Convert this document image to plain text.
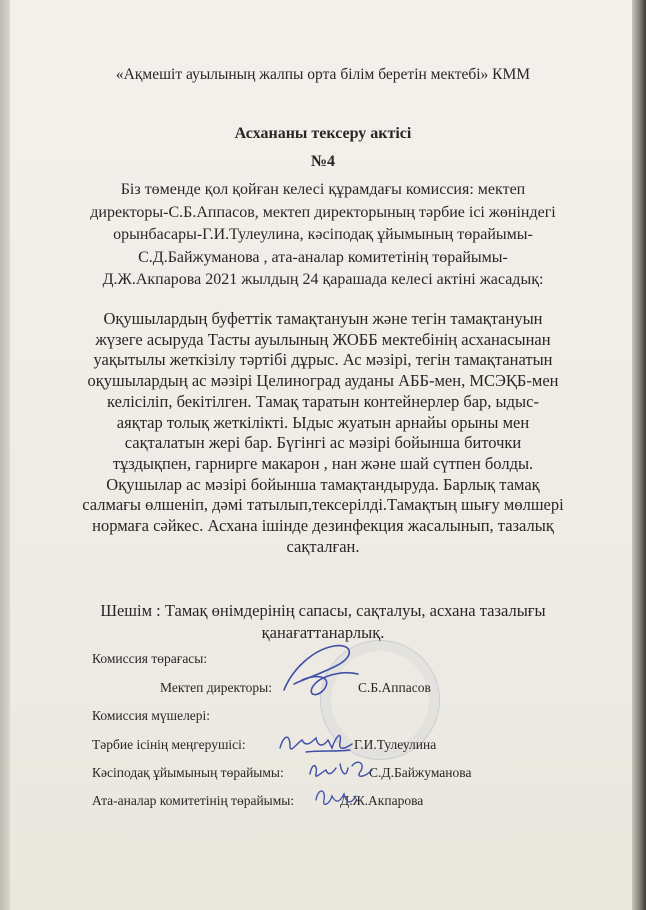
«Ақмешіт ауылының жалпы орта білім беретін мектебі» КММ
Асхананы тексеру актісі
№4
Біз төменде қол қойған келесі құрамдағы комиссия: мектеп
директоры-С.Б.Аппасов, мектеп директорының тәрбие ісі жөніндегі
орынбасары-Г.И.Тулеулина, кәсіподақ ұйымының төрайымы-
С.Д.Байжуманова , ата-аналар комитетінің төрайымы-
Д.Ж.Акпарова 2021 жылдың 24 қарашада келесі актіні жасадық:
Оқушылардың буфеттік тамақтануын және тегін тамақтануын
жүзеге асыруда Тасты ауылының ЖОББ мектебінің асханасынан
уақытылы жеткізілу тәртібі дұрыс. Ас мәзірі, тегін тамақтанатын
оқушылардың ас мәзірі Целиноград ауданы АББ-мен, МСЭҚБ-мен
келісіліп, бекітілген. Тамақ таратын контейнерлер бар, ыдыс-
аяқтар толық жеткілікті. Ыдыс жуатын арнайы орыны мен
сақталатын жері бар. Бүгінгі ас мәзірі бойынша биточки
тұздықпен, гарнирге макарон , нан және шай сүтпен болды.
Оқушылар ас мәзірі бойынша тамақтандыруда. Барлық тамақ
салмағы өлшеніп, дәмі татылып,тексерілді.Тамақтың шығу мөлшері
нормаға сәйкес. Асхана ішінде дезинфекция жасалынып, тазалық
сақталған.
Шешім : Тамақ өнімдерінің сапасы, сақталуы, асхана тазалығы
қанағаттанарлық.
Комиссия төрағасы:
Мектеп директоры:	С.Б.Аппасов
Комиссия мүшелері:
Тәрбие ісінің меңгерушісі:	Г.И.Тулеулина
Кәсіподақ ұйымының төрайымы:	С.Д.Байжуманова
Ата-аналар комитетінің төрайымы:	Д.Ж.Акпарова
